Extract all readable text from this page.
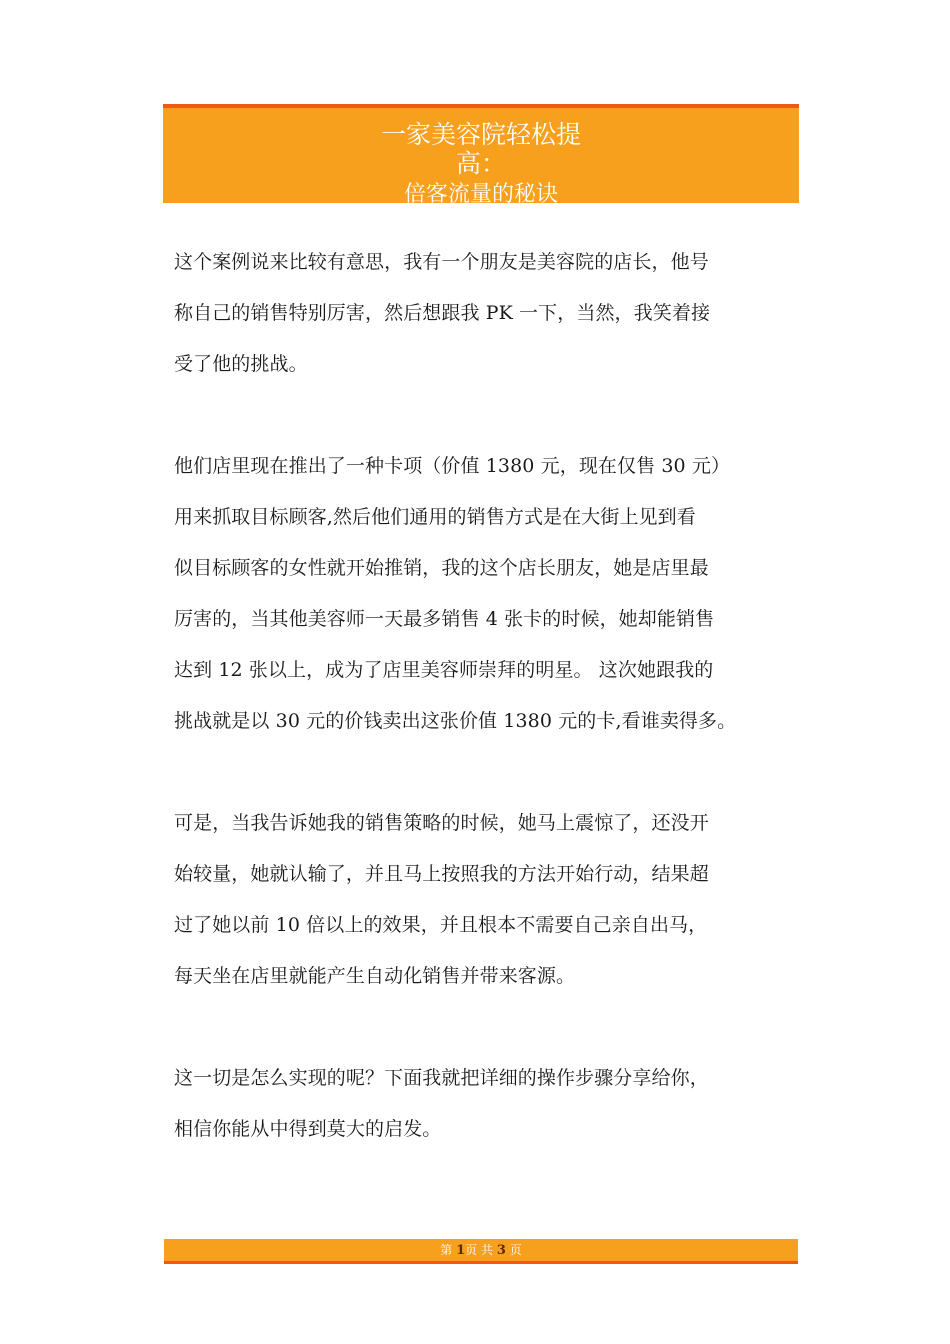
一家美容院轻松提
高：
倍客流量的秘诀

这个案例说来比较有意思，我有一个朋友是美容院的店长，他号
称自己的销售特别厉害，然后想跟我 PK 一下，当然，我笑着接
受了他的挑战。

他们店里现在推出了一种卡项（价值 1380 元，现在仅售 30 元）
用来抓取目标顾客,然后他们通用的销售方式是在大街上见到看
似目标顾客的女性就开始推销，我的这个店长朋友，她是店里最
厉害的，当其他美容师一天最多销售 4 张卡的时候，她却能销售
达到 12 张以上，成为了店里美容师崇拜的明星。 这次她跟我的
挑战就是以 30 元的价钱卖出这张价值 1380 元的卡,看谁卖得多。

可是，当我告诉她我的销售策略的时候，她马上震惊了，还没开
始较量，她就认输了，并且马上按照我的方法开始行动，结果超
过了她以前 10 倍以上的效果，并且根本不需要自己亲自出马，
每天坐在店里就能产生自动化销售并带来客源。

这一切是怎么实现的呢？下面我就把详细的操作步骤分享给你，
相信你能从中得到莫大的启发。

第 1页 共 3 页
